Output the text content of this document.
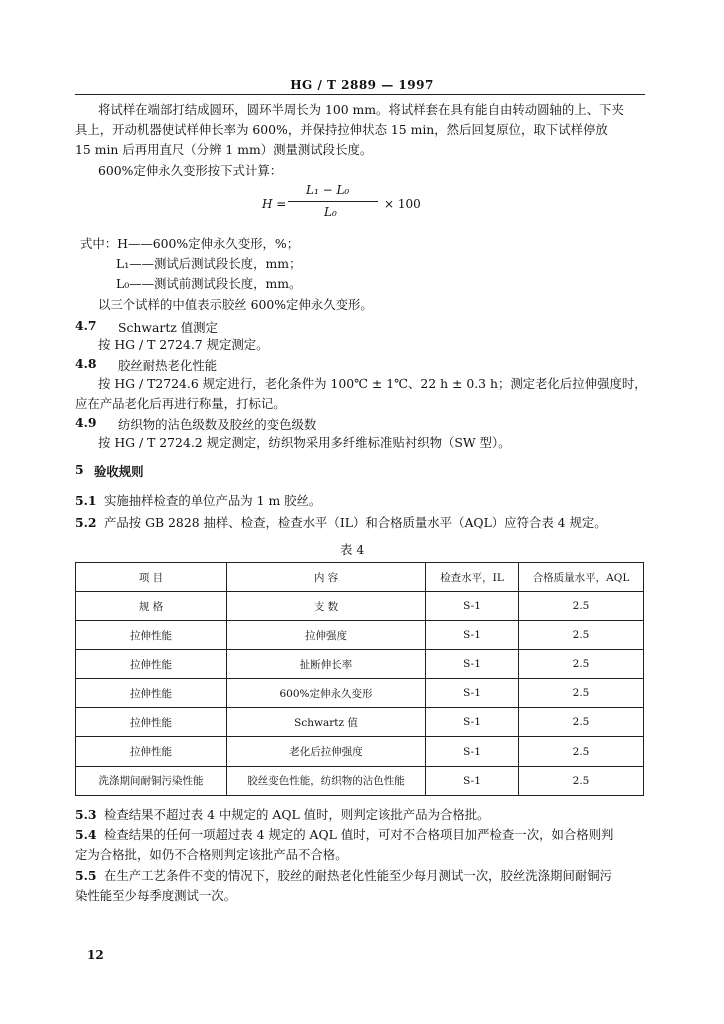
HG / T 2889 — 1997
将试样在端部打结成圆环，圆环半周长为 100 mm。将试样套在具有能自由转动圆轴的上、下夹
具上，开动机器使试样伸长率为 600%，并保持拉伸状态 15 min，然后回复原位，取下试样停放
15 min 后再用直尺（分辨 1 mm）测量测试段长度。
600%定伸永久变形按下式计算：
H =
L₁ − L₀
L₀
× 100
式中：H——600%定伸永久变形，%；
L₁——测试后测试段长度，mm；
L₀——测试前测试段长度，mm。
以三个试样的中值表示胶丝 600%定伸永久变形。
4.7 Schwartz 值测定
按 HG / T 2724.7 规定测定。
4.8 胶丝耐热老化性能
按 HG / T2724.6 规定进行，老化条件为 100℃ ± 1℃、22 h ± 0.3 h；测定老化后拉伸强度时，
应在产品老化后再进行称量，打标记。
4.9 纺织物的沾色级数及胶丝的变色级数
按 HG / T 2724.2 规定测定，纺织物采用多纤维标准贴衬织物（SW 型）。
5 验收规则
5.1 实施抽样检查的单位产品为 1 m 胶丝。
5.2 产品按 GB 2828 抽样、检查，检查水平（IL）和合格质量水平（AQL）应符合表 4 规定。
表 4
项 目	内 容	检查水平，IL	合格质量水平，AQL
规 格	支 数	S-1	2.5
拉伸性能	拉伸强度	S-1	2.5
拉伸性能	扯断伸长率	S-1	2.5
拉伸性能	600%定伸永久变形	S-1	2.5
拉伸性能	Schwartz 值	S-1	2.5
拉伸性能	老化后拉伸强度	S-1	2.5
洗涤期间耐铜污染性能	胶丝变色性能，纺织物的沾色性能	S-1	2.5
5.3 检查结果不超过表 4 中规定的 AQL 值时，则判定该批产品为合格批。
5.4 检查结果的任何一项超过表 4 规定的 AQL 值时，可对不合格项目加严检查一次，如合格则判
定为合格批，如仍不合格则判定该批产品不合格。
5.5 在生产工艺条件不变的情况下，胶丝的耐热老化性能至少每月测试一次，胶丝洗涤期间耐铜污
染性能至少每季度测试一次。
12
